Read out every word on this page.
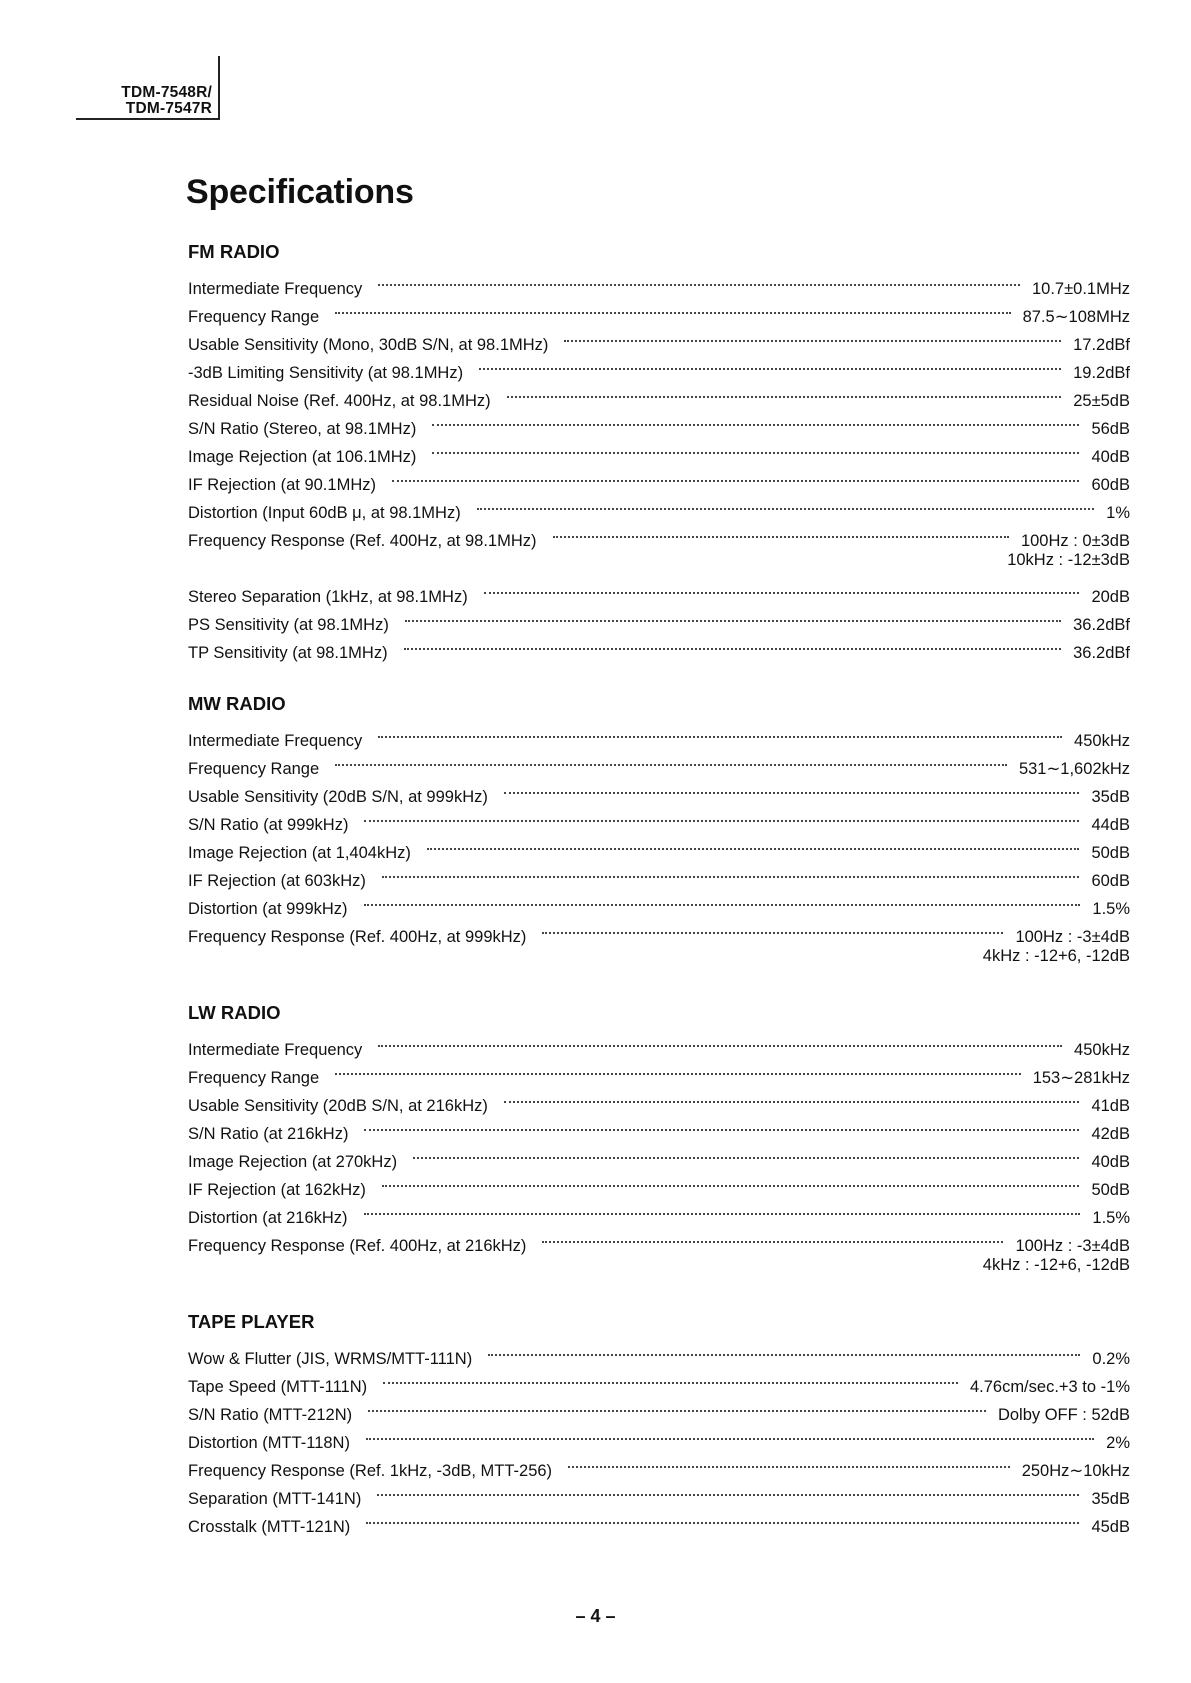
TDM-7548R/
TDM-7547R
Specifications
FM RADIO
Intermediate Frequency	10.7±0.1MHz
Frequency Range	87.5∼108MHz
Usable Sensitivity (Mono, 30dB S/N, at 98.1MHz)	17.2dBf
-3dB Limiting Sensitivity (at 98.1MHz)	19.2dBf
Residual Noise (Ref. 400Hz, at 98.1MHz)	25±5dB
S/N Ratio (Stereo, at 98.1MHz)	56dB
Image Rejection (at 106.1MHz)	40dB
IF Rejection (at 90.1MHz)	60dB
Distortion (Input 60dB μ, at 98.1MHz)	1%
Frequency Response (Ref. 400Hz, at 98.1MHz)	100Hz : 0±3dB
10kHz : -12±3dB
Stereo Separation (1kHz, at 98.1MHz)	20dB
PS Sensitivity (at 98.1MHz)	36.2dBf
TP Sensitivity (at 98.1MHz)	36.2dBf
MW RADIO
Intermediate Frequency	450kHz
Frequency Range	531∼1,602kHz
Usable Sensitivity (20dB S/N, at 999kHz)	35dB
S/N Ratio (at 999kHz)	44dB
Image Rejection (at 1,404kHz)	50dB
IF Rejection (at 603kHz)	60dB
Distortion (at 999kHz)	1.5%
Frequency Response (Ref. 400Hz, at 999kHz)	100Hz : -3±4dB
4kHz : -12+6, -12dB
LW RADIO
Intermediate Frequency	450kHz
Frequency Range	153∼281kHz
Usable Sensitivity (20dB S/N, at 216kHz)	41dB
S/N Ratio (at 216kHz)	42dB
Image Rejection (at 270kHz)	40dB
IF Rejection (at 162kHz)	50dB
Distortion (at 216kHz)	1.5%
Frequency Response (Ref. 400Hz, at 216kHz)	100Hz : -3±4dB
4kHz : -12+6, -12dB
TAPE PLAYER
Wow & Flutter (JIS, WRMS/MTT-111N)	0.2%
Tape Speed (MTT-111N)	4.76cm/sec.+3 to -1%
S/N Ratio (MTT-212N)	Dolby OFF : 52dB
Distortion (MTT-118N)	2%
Frequency Response (Ref. 1kHz, -3dB, MTT-256)	250Hz∼10kHz
Separation (MTT-141N)	35dB
Crosstalk (MTT-121N)	45dB
– 4 –
